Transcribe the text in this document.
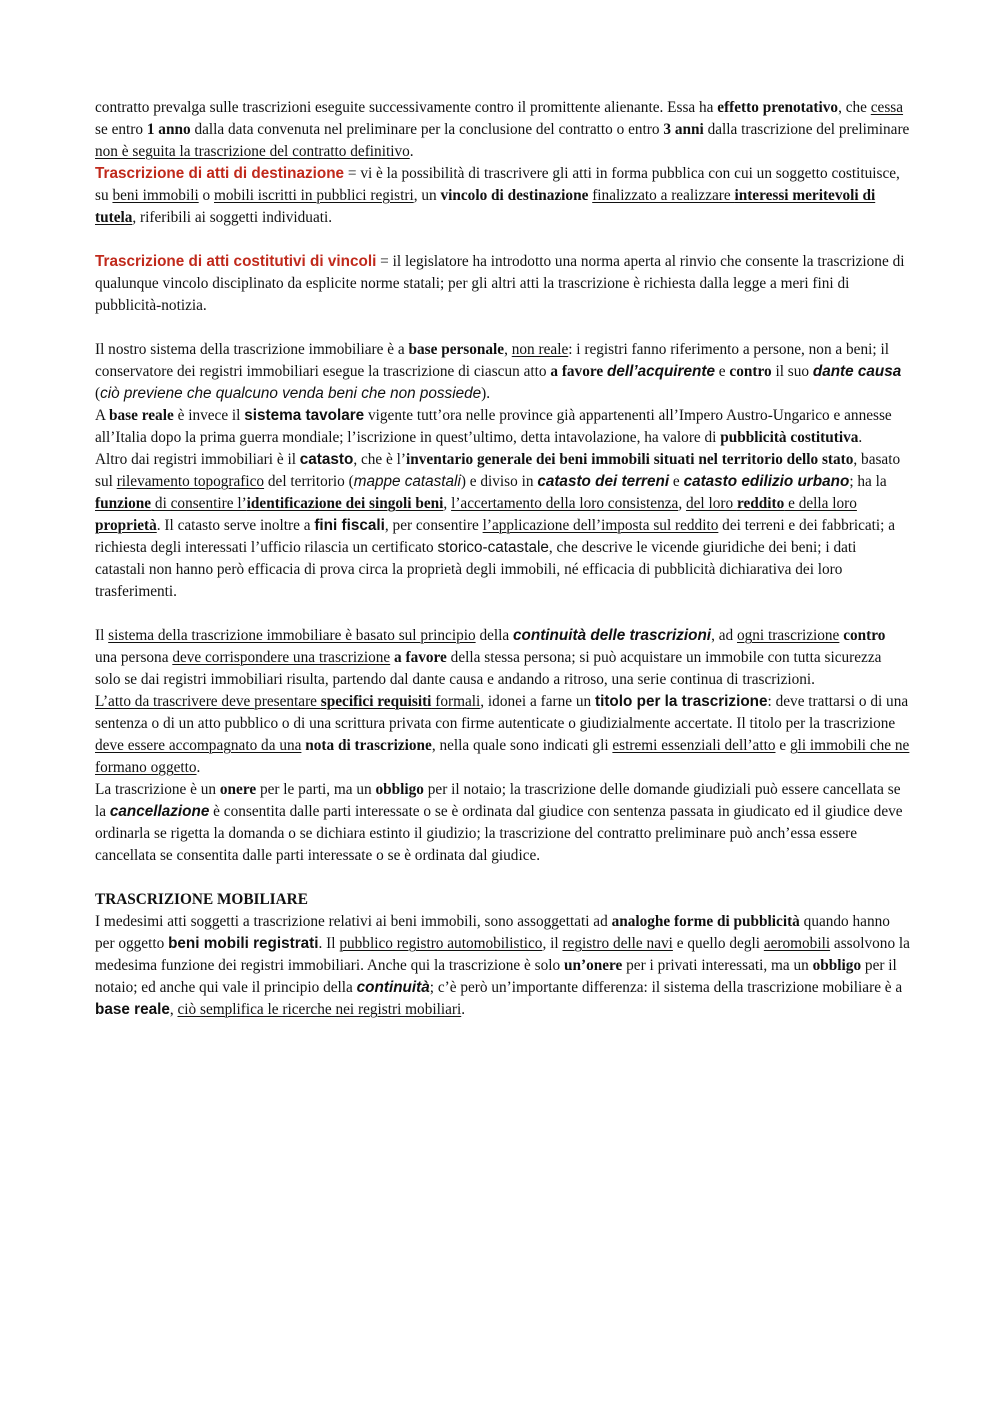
contratto prevalga sulle trascrizioni eseguite successivamente contro il promittente alienante. Essa ha effetto prenotativo, che cessa se entro 1 anno dalla data convenuta nel preliminare per la conclusione del contratto o entro 3 anni dalla trascrizione del preliminare non è seguita la trascrizione del contratto definitivo.

Trascrizione di atti di destinazione = vi è la possibilità di trascrivere gli atti in forma pubblica con cui un soggetto costituisce, su beni immobili o mobili iscritti in pubblici registri, un vincolo di destinazione finalizzato a realizzare interessi meritevoli di tutela, riferibili ai soggetti individuati.

Trascrizione di atti costitutivi di vincoli = il legislatore ha introdotto una norma aperta al rinvio che consente la trascrizione di qualunque vincolo disciplinato da esplicite norme statali; per gli altri atti la trascrizione è richiesta dalla legge a meri fini di pubblicità-notizia.

Il nostro sistema della trascrizione immobiliare è a base personale, non reale: i registri fanno riferimento a persone, non a beni; il conservatore dei registri immobiliari esegue la trascrizione di ciascun atto a favore dell’acquirente e contro il suo dante causa (ciò previene che qualcuno venda beni che non possiede).

A base reale è invece il sistema tavolare vigente tutt’ora nelle province già appartenenti all’Impero Austro-Ungarico e annesse all’Italia dopo la prima guerra mondiale; l’iscrizione in quest’ultimo, detta intavolazione, ha valore di pubblicità costitutiva.

Altro dai registri immobiliari è il catasto, che è l’inventario generale dei beni immobili situati nel territorio dello stato, basato sul rilevamento topografico del territorio (mappe catastali) e diviso in catasto dei terreni e catasto edilizio urbano; ha la funzione di consentire l’identificazione dei singoli beni, l’accertamento della loro consistenza, del loro reddito e della loro proprietà. Il catasto serve inoltre a fini fiscali, per consentire l’applicazione dell’imposta sul reddito dei terreni e dei fabbricati; a richiesta degli interessati l’ufficio rilascia un certificato storico-catastale, che descrive le vicende giuridiche dei beni; i dati catastali non hanno però efficacia di prova circa la proprietà degli immobili, né efficacia di pubblicità dichiarativa dei loro trasferimenti.

Il sistema della trascrizione immobiliare è basato sul principio della continuità delle trascrizioni, ad ogni trascrizione contro una persona deve corrispondere una trascrizione a favore della stessa persona; si può acquistare un immobile con tutta sicurezza solo se dai registri immobiliari risulta, partendo dal dante causa e andando a ritroso, una serie continua di trascrizioni.

L’atto da trascrivere deve presentare specifici requisiti formali, idonei a farne un titolo per la trascrizione: deve trattarsi o di una sentenza o di un atto pubblico o di una scrittura privata con firme autenticate o giudizialmente accertate. Il titolo per la trascrizione deve essere accompagnato da una nota di trascrizione, nella quale sono indicati gli estremi essenziali dell’atto e gli immobili che ne formano oggetto.

La trascrizione è un onere per le parti, ma un obbligo per il notaio; la trascrizione delle domande giudiziali può essere cancellata se la cancellazione è consentita dalle parti interessate o se è ordinata dal giudice con sentenza passata in giudicato ed il giudice deve ordinarla se rigetta la domanda o se dichiara estinto il giudizio; la trascrizione del contratto preliminare può anch’essa essere cancellata se consentita dalle parti interessate o se è ordinata dal giudice.

TRASCRIZIONE MOBILIARE

I medesimi atti soggetti a trascrizione relativi ai beni immobili, sono assoggettati ad analoghe forme di pubblicità quando hanno per oggetto beni mobili registrati. Il pubblico registro automobilistico, il registro delle navi e quello degli aeromobili assolvono la medesima funzione dei registri immobiliari. Anche qui la trascrizione è solo un’onere per i privati interessati, ma un obbligo per il notaio; ed anche qui vale il principio della continuità; c’è però un’importante differenza: il sistema della trascrizione mobiliare è a base reale, ciò semplifica le ricerche nei registri mobiliari.
